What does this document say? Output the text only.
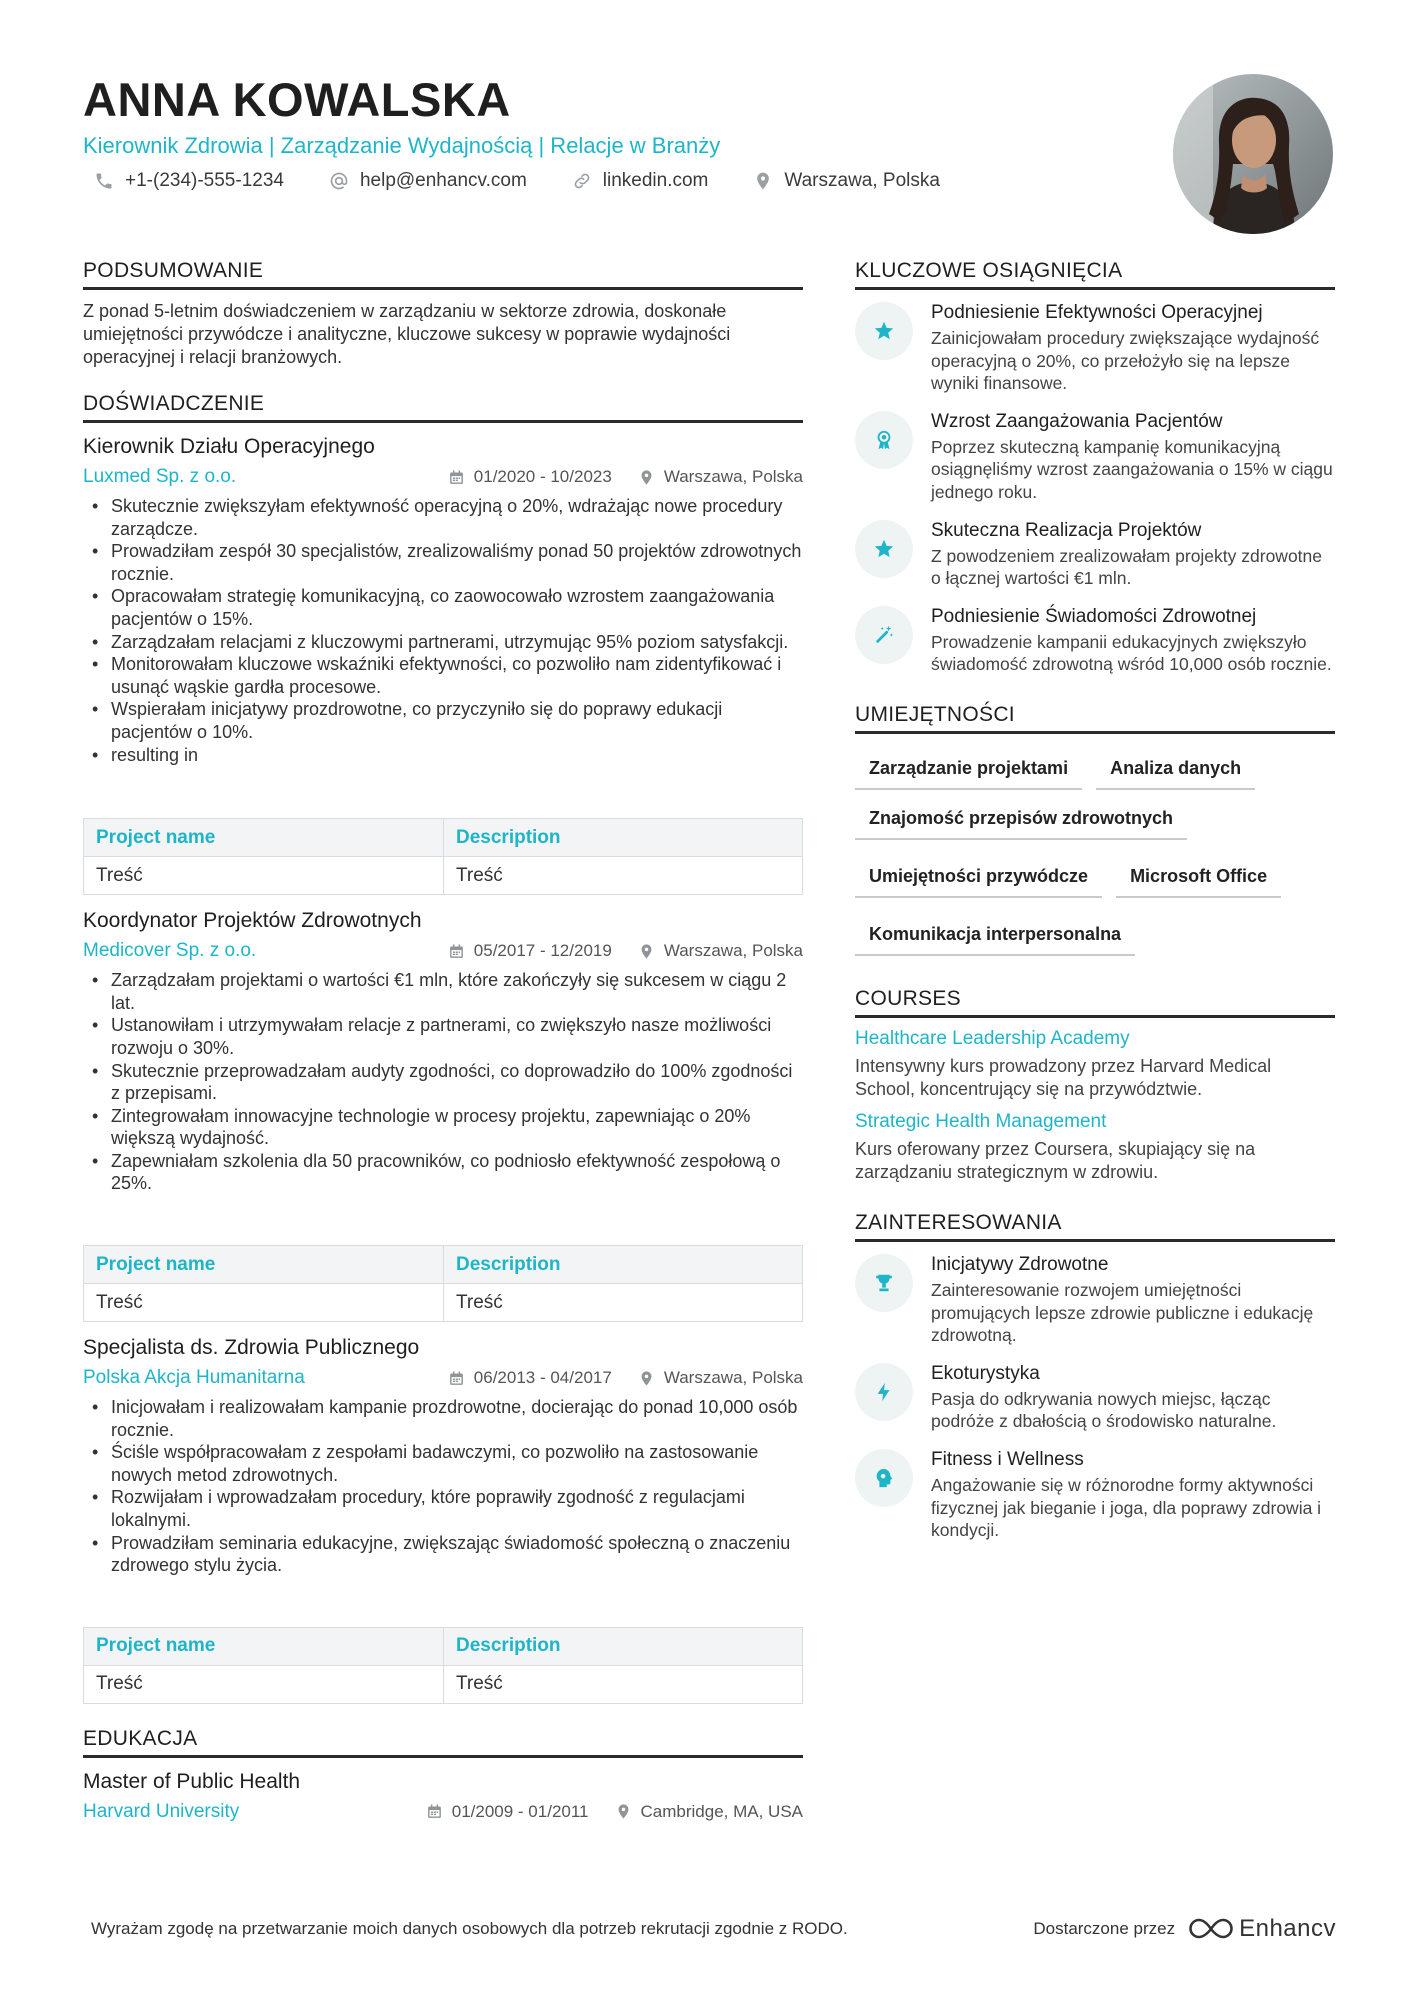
ANNA KOWALSKA
Kierownik Zdrowia | Zarządzanie Wydajnością | Relacje w Branży
+1-(234)-555-1234	help@enhancv.com	linkedin.com	Warszawa, Polska
PODSUMOWANIE
Z ponad 5-letnim doświadczeniem w zarządzaniu w sektorze zdrowia, doskonałe umiejętności przywódcze i analityczne, kluczowe sukcesy w poprawie wydajności operacyjnej i relacji branżowych.
DOŚWIADCZENIE
Kierownik Działu Operacyjnego
Luxmed Sp. z o.o.	01/2020 - 10/2023	Warszawa, Polska
• Skutecznie zwiększyłam efektywność operacyjną o 20%, wdrażając nowe procedury zarządcze.
• Prowadziłam zespół 30 specjalistów, zrealizowaliśmy ponad 50 projektów zdrowotnych rocznie.
• Opracowałam strategię komunikacyjną, co zaowocowało wzrostem zaangażowania pacjentów o 15%.
• Zarządzałam relacjami z kluczowymi partnerami, utrzymując 95% poziom satysfakcji.
• Monitorowałam kluczowe wskaźniki efektywności, co pozwoliło nam zidentyfikować i usunąć wąskie gardła procesowe.
• Wspierałam inicjatywy prozdrowotne, co przyczyniło się do poprawy edukacji pacjentów o 10%.
• resulting in
Project name	Description
Treść	Treść
Koordynator Projektów Zdrowotnych
Medicover Sp. z o.o.	05/2017 - 12/2019	Warszawa, Polska
• Zarządzałam projektami o wartości €1 mln, które zakończyły się sukcesem w ciągu 2 lat.
• Ustanowiłam i utrzymywałam relacje z partnerami, co zwiększyło nasze możliwości rozwoju o 30%.
• Skutecznie przeprowadzałam audyty zgodności, co doprowadziło do 100% zgodności z przepisami.
• Zintegrowałam innowacyjne technologie w procesy projektu, zapewniając o 20% większą wydajność.
• Zapewniałam szkolenia dla 50 pracowników, co podniosło efektywność zespołową o 25%.
Project name	Description
Treść	Treść
Specjalista ds. Zdrowia Publicznego
Polska Akcja Humanitarna	06/2013 - 04/2017	Warszawa, Polska
• Inicjowałam i realizowałam kampanie prozdrowotne, docierając do ponad 10,000 osób rocznie.
• Ściśle współpracowałam z zespołami badawczymi, co pozwoliło na zastosowanie nowych metod zdrowotnych.
• Rozwijałam i wprowadzałam procedury, które poprawiły zgodność z regulacjami lokalnymi.
• Prowadziłam seminaria edukacyjne, zwiększając świadomość społeczną o znaczeniu zdrowego stylu życia.
Project name	Description
Treść	Treść
EDUKACJA
Master of Public Health
Harvard University	01/2009 - 01/2011	Cambridge, MA, USA
KLUCZOWE OSIĄGNIĘCIA
Podniesienie Efektywności Operacyjnej
Zainicjowałam procedury zwiększające wydajność operacyjną o 20%, co przełożyło się na lepsze wyniki finansowe.
Wzrost Zaangażowania Pacjentów
Poprzez skuteczną kampanię komunikacyjną osiągnęliśmy wzrost zaangażowania o 15% w ciągu jednego roku.
Skuteczna Realizacja Projektów
Z powodzeniem zrealizowałam projekty zdrowotne o łącznej wartości €1 mln.
Podniesienie Świadomości Zdrowotnej
Prowadzenie kampanii edukacyjnych zwiększyło świadomość zdrowotną wśród 10,000 osób rocznie.
UMIEJĘTNOŚCI
Zarządzanie projektami	Analiza danych
Znajomość przepisów zdrowotnych
Umiejętności przywódcze	Microsoft Office
Komunikacja interpersonalna
COURSES
Healthcare Leadership Academy
Intensywny kurs prowadzony przez Harvard Medical School, koncentrujący się na przywództwie.
Strategic Health Management
Kurs oferowany przez Coursera, skupiający się na zarządzaniu strategicznym w zdrowiu.
ZAINTERESOWANIA
Inicjatywy Zdrowotne
Zainteresowanie rozwojem umiejętności promujących lepsze zdrowie publiczne i edukację zdrowotną.
Ekoturystyka
Pasja do odkrywania nowych miejsc, łącząc podróże z dbałością o środowisko naturalne.
Fitness i Wellness
Angażowanie się w różnorodne formy aktywności fizycznej jak bieganie i joga, dla poprawy zdrowia i kondycji.
Wyrażam zgodę na przetwarzanie moich danych osobowych dla potrzeb rekrutacji zgodnie z RODO.	Dostarczone przez	Enhancv
